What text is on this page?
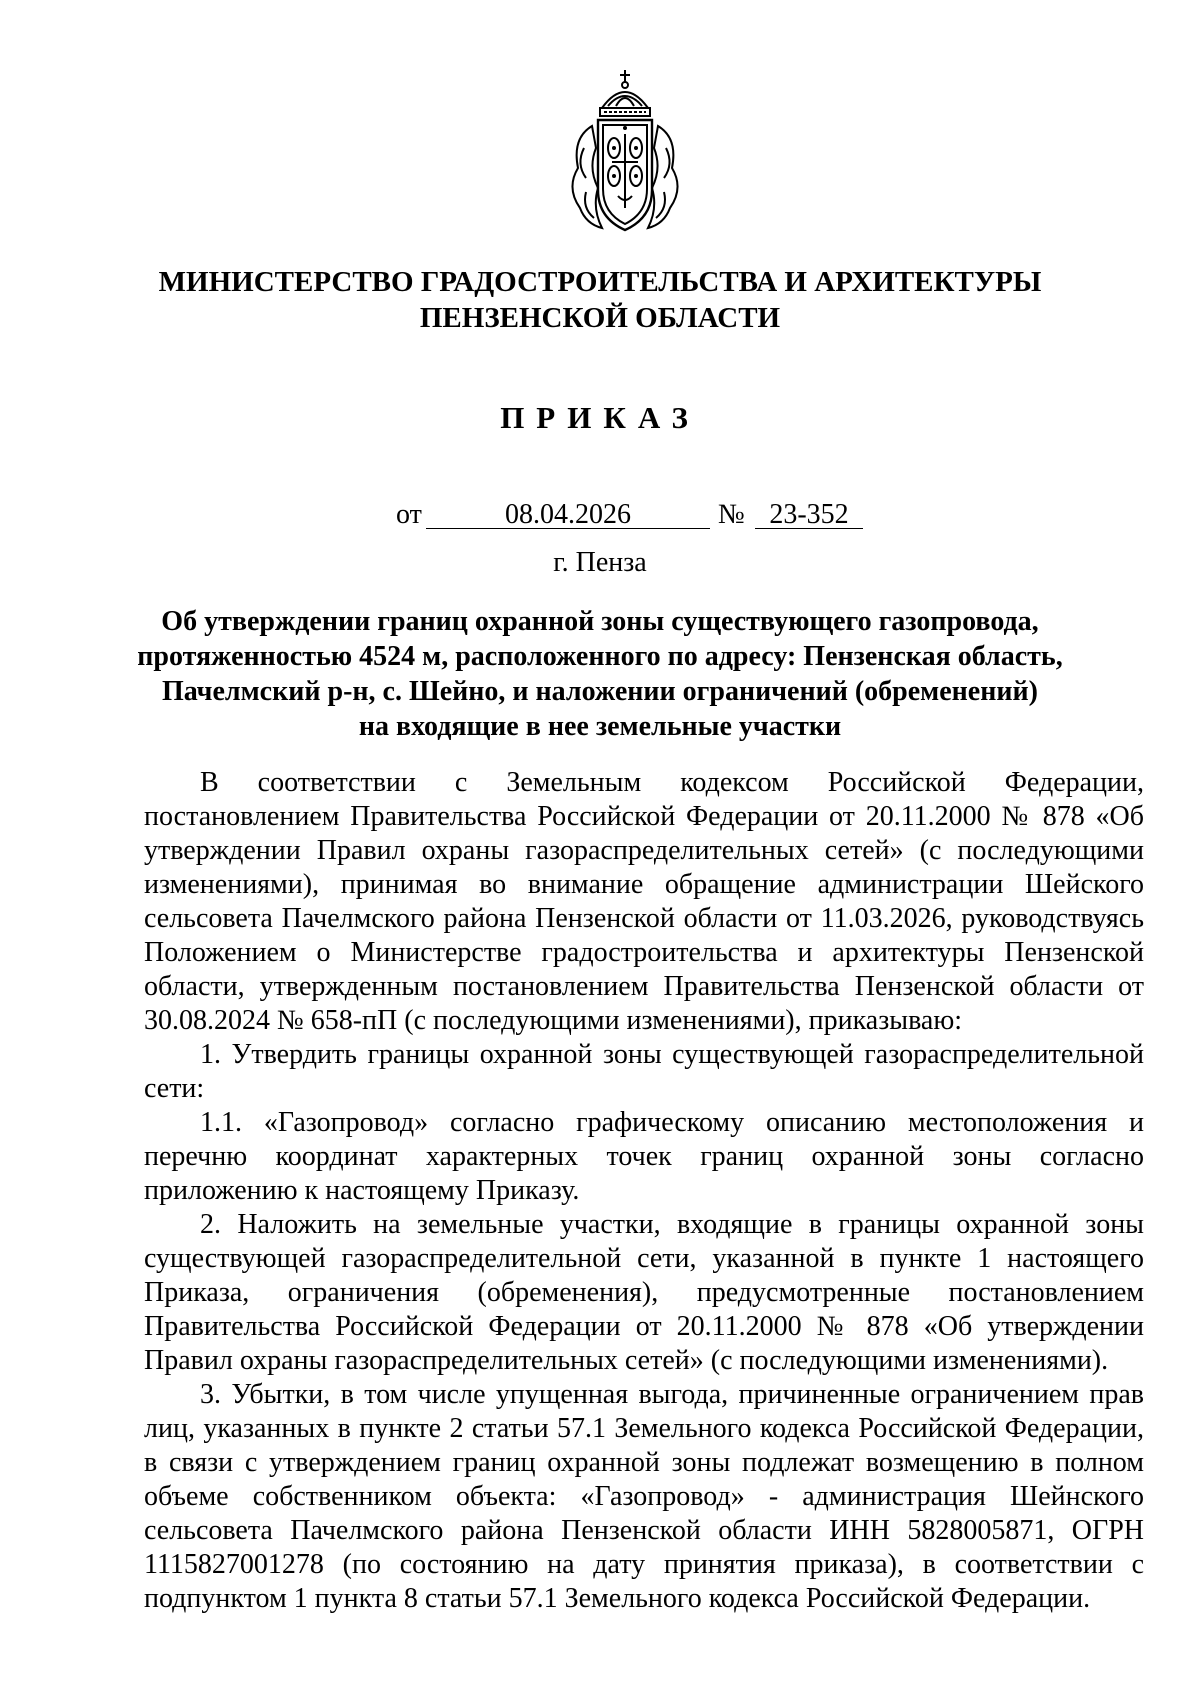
МИНИСТЕРСТВО ГРАДОСТРОИТЕЛЬСТВА И АРХИТЕКТУРЫ
ПЕНЗЕНСКОЙ ОБЛАСТИ
ПРИКАЗ
от	08.04.2026	№ 23-352
г. Пенза
Об утверждении границ охранной зоны существующего газопровода,
протяженностью 4524 м, расположенного по адресу: Пензенская область,
Пачелмский р-н, с. Шейно, и наложении ограничений (обременений)
на входящие в нее земельные участки

В соответствии с Земельным кодексом Российской Федерации, постановлением Правительства Российской Федерации от 20.11.2000 № 878 «Об утверждении Правил охраны газораспределительных сетей» (с последующими изменениями), принимая во внимание обращение администрации Шейского сельсовета Пачелмского района Пензенской области от 11.03.2026, руководствуясь Положением о Министерстве градостроительства и архитектуры Пензенской области, утвержденным постановлением Правительства Пензенской области от 30.08.2024 № 658-пП (с последующими изменениями), приказываю:

1. Утвердить границы охранной зоны существующей газораспределительной сети:

1.1. «Газопровод» согласно графическому описанию местоположения и перечню координат характерных точек границ охранной зоны согласно приложению к настоящему Приказу.

2. Наложить на земельные участки, входящие в границы охранной зоны существующей газораспределительной сети, указанной в пункте 1 настоящего Приказа, ограничения (обременения), предусмотренные постановлением Правительства Российской Федерации от 20.11.2000 № 878 «Об утверждении Правил охраны газораспределительных сетей» (с последующими изменениями).

3. Убытки, в том числе упущенная выгода, причиненные ограничением прав лиц, указанных в пункте 2 статьи 57.1 Земельного кодекса Российской Федерации, в связи с утверждением границ охранной зоны подлежат возмещению в полном объеме собственником объекта: «Газопровод» - администрация Шейнского сельсовета Пачелмского района Пензенской области ИНН 5828005871, ОГРН 1115827001278 (по состоянию на дату принятия приказа), в соответствии с подпунктом 1 пункта 8 статьи 57.1 Земельного кодекса Российской Федерации.
